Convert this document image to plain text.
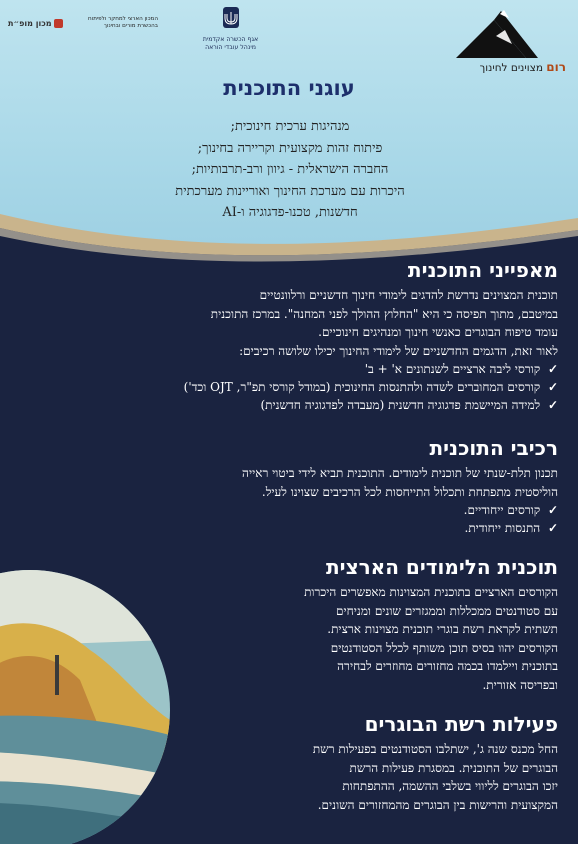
רום מצוינים לחינוך
אגף הכשרה אקדמית
מינהל עובדי הוראה
המכון הארצי למחקר ולפיתוח
בהכשרת מורים ובחינוך
מכון מופ״ת
עוגני התוכנית
מנהיגות ערכית חינוכית;
פיתוח זהות מקצועית וקריירה בחינוך;
החברה הישראלית - גיוון ורב-תרבותיות;
היכרות עם מערכת החינוך ואוריינות מערכתית
חדשנות, טכנו-פדגוגיה ו-AI
מאפייני התוכנית

תוכנית המצוינים נדרשת להדגים לימודי חינוך חדשניים ורלוונטיים

במיטבם, מתוך תפיסה כי היא "החלוץ ההולך לפני המחנה". במרכז התוכנית

עומד טיפוח הבוגרים כאנשי חינוך ומנהיגים חינוכיים.

לאור זאת, הדגמים החדשניים של לימודי החינוך יכילו שלושה רכיבים:

✓ קורסי ליבה ארציים לשנתונים א' + ב'

✓ קורסים המחוברים לשדה ולהתנסות החינוכית (במודל קורסי תפ"ר, OJT וכד')

✓ למידה המיישמת פדגוגיה חדשנית (מעבדה לפדגוגיה חדשנית)

רכיבי התוכנית

תכנון תלת-שנתי של תוכנית לימודים. התוכנית תביא לידי ביטוי ראייה

הוליסטית מתפתחת ותכלול התייחסות לכל הרכיבים שצוינו לעיל.

✓ קורסים ייחודיים.

✓ התנסות ייחודית.

תוכנית הלימודים הארצית

הקורסים הארציים בתוכנית המצוינות מאפשרים היכרות

עם סטודנטים ממכללות וממגזרים שונים ומניחים

תשתית לקראת רשת בוגרי תוכנית מצוינות ארצית.

הקורסים יהוו בסיס תוכן משותף לכלל הסטודנטים

בתוכנית ויילמדו בכמה מחזורים מחוזרים לבחירה

ובפריסה אזורית.

פעילות רשת הבוגרים

החל מכנס שנה ג', ישתלבו הסטודנטים בפעילות רשת

הבוגרים של התוכנית. במסגרת פעילות הרשת

יזכו הבוגרים לליווי בשלבי ההשמה, ההתפתחות

המקצועית והרישות בין הבוגרים מהמחזורים השונים.
